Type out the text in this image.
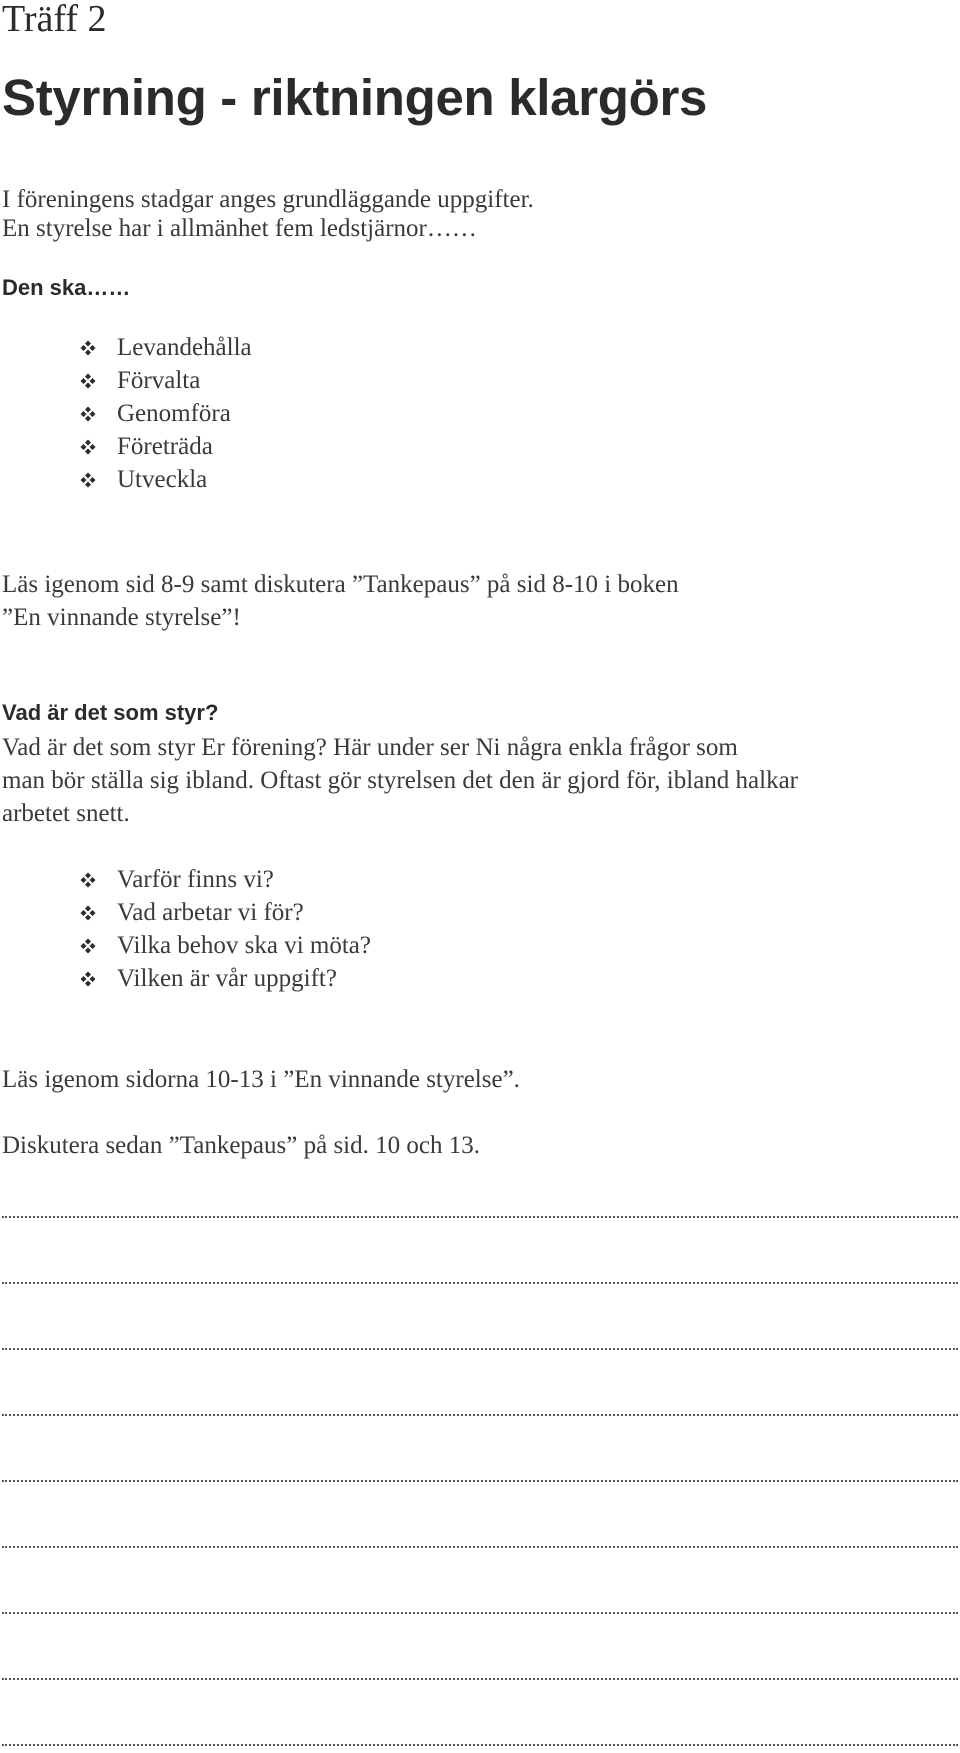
Träff 2
Styrning - riktningen klargörs
I föreningens stadgar anges grundläggande uppgifter.
En styrelse har i allmänhet fem ledstjärnor……
Den ska……
Levandehålla
Förvalta
Genomföra
Företräda
Utveckla
Läs igenom sid 8-9 samt diskutera ”Tankepaus” på sid 8-10 i boken
”En vinnande styrelse”!
Vad är det som styr?
Vad är det som styr Er förening? Här under ser Ni några enkla frågor som
man bör ställa sig ibland. Oftast gör styrelsen det den är gjord för, ibland halkar
arbetet snett.
Varför finns vi?
Vad arbetar vi för?
Vilka behov ska vi möta?
Vilken är vår uppgift?
Läs igenom sidorna 10-13 i ”En vinnande styrelse”.
Diskutera sedan ”Tankepaus” på sid. 10 och 13.
